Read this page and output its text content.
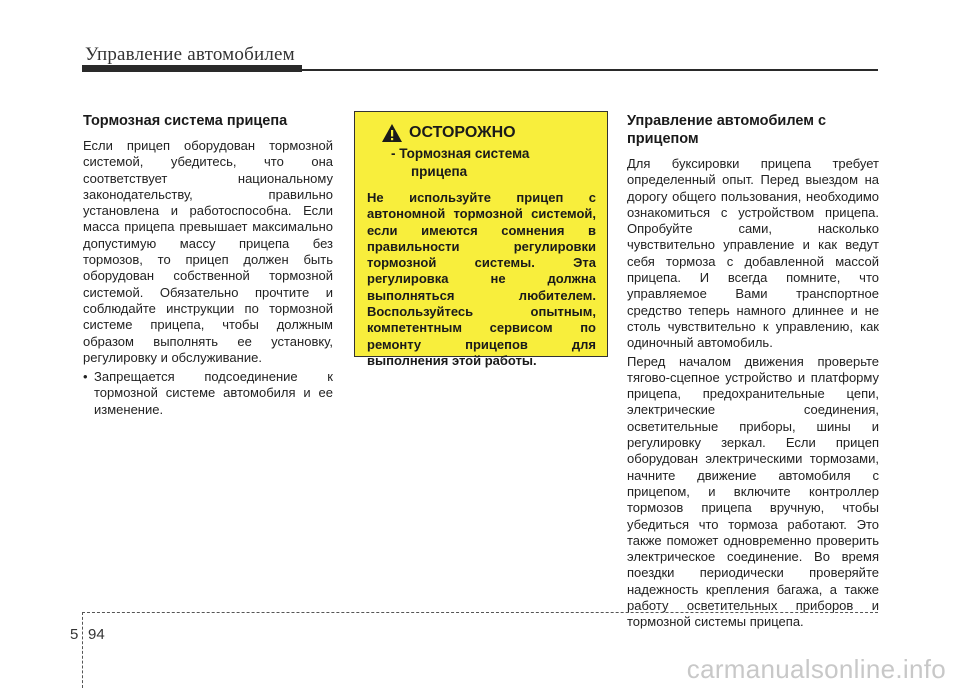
Управление автомобилем
Тормозная система прицепа

Если прицеп оборудован тормозной системой, убедитесь, что она соответствует национальному законодательству, правильно установлена и работоспособна. Если масса прицепа превышает максимально допустимую массу прицепа без тормозов, то прицеп должен быть оборудован собственной тормозной системой. Обязательно прочтите и соблюдайте инструкции по тормозной системе прицепа, чтобы должным образом выполнять ее установку, регулировку и обслуживание.

• Запрещается подсоединение к тормозной системе автомобиля и ее изменение.
ОСТОРОЖНО
- Тормозная система
прицепа
Не используйте прицеп с автономной тормозной системой, если имеются сомнения в правильности регулировки тормозной системы. Эта регулировка не должна выполняться любителем. Воспользуйтесь опытным, компетентным сервисом по ремонту прицепов для выполнения этой работы.
Управление автомобилем с прицепом

Для буксировки прицепа требует определенный опыт. Перед выездом на дорогу общего пользования, необходимо ознакомиться с устройством прицепа. Опробуйте сами, насколько чувствительно управление и как ведут себя тормоза с добавленной массой прицепа. И всегда помните, что управляемое Вами транспортное средство теперь намного длиннее и не столь чувствительно к управлению, как одиночный автомобиль.

Перед началом движения проверьте тягово-сцепное устройство и платформу прицепа, предохранительные цепи, электрические соединения, осветительные приборы, шины и регулировку зеркал. Если прицеп оборудован электрическими тормозами, начните движение автомобиля с прицепом, и включите контроллер тормозов прицепа вручную, чтобы убедиться что тормоза работают. Это также поможет одновременно проверить электрическое соединение. Во время поездки периодически проверяйте надежность крепления багажа, а также работу осветительных приборов и тормозной системы прицепа.

5 94
carmanualsonline.info
